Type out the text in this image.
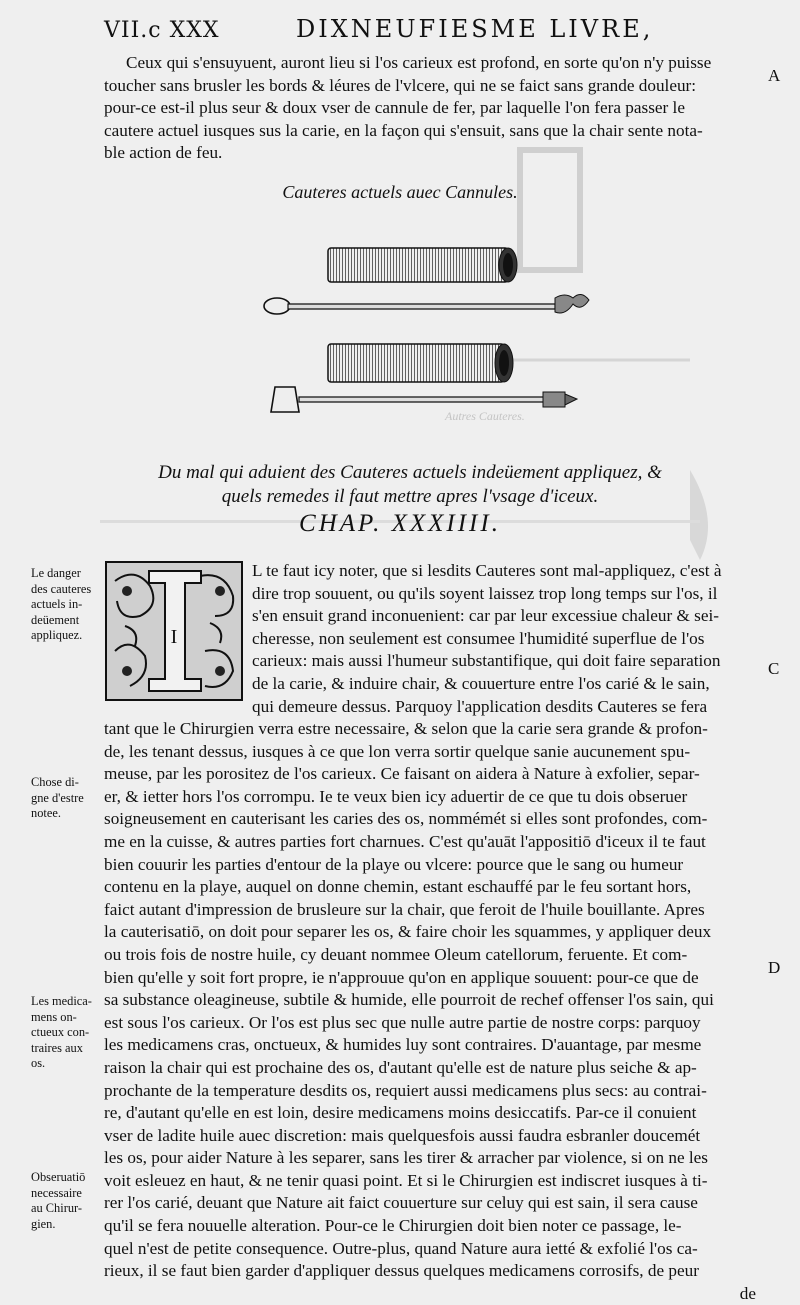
VII.c XXX	DIXNEUFIESME LIVRE,
A
C
D
Ceux qui s'ensuyuent, auront lieu si l'os carieux est profond, en sorte qu'on n'y puisse
toucher sans brusler les bords & léures de l'vlcere, qui ne se faict sans grande douleur:
pour-ce est-il plus seur & doux vser de cannule de fer, par laquelle l'on fera passer le
cautere actuel iusques sus la carie, en la façon qui s'ensuit, sans que la chair sente nota-
ble action de feu.
Cauteres actuels auec Cannules.
Autres Cauteres.
Du mal qui aduient des Cauteres actuels indeüement appliquez, &
quels remedes il faut mettre apres l'vsage d'iceux.
CHAP. XXXIIII.
I
L te faut icy noter, que si lesdits Cauteres sont mal-appliquez, c'est à
dire trop souuent, ou qu'ils soyent laissez trop long temps sur l'os, il
s'en ensuit grand inconuenient: car par leur excessiue chaleur & sei-
cheresse, non seulement est consumee l'humidité superflue de l'os
carieux: mais aussi l'humeur substantifique, qui doit faire separation
de la carie, & induire chair, & couuerture entre l'os carié & le sain,
qui demeure dessus. Parquoy l'application desdits Cauteres se fera
tant que le Chirurgien verra estre necessaire, & selon que la carie sera grande & profon-
de, les tenant dessus, iusques à ce que lon verra sortir quelque sanie aucunement spu-
meuse, par les porositez de l'os carieux. Ce faisant on aidera à Nature à exfolier, separ-
er, & ietter hors l'os corrompu. Ie te veux bien icy aduertir de ce que tu dois obseruer
soigneusement en cauterisant les caries des os, nommémét si elles sont profondes, com-
me en la cuisse, & autres parties fort charnues. C'est qu'auāt l'appositiō d'iceux il te faut
bien couurir les parties d'entour de la playe ou vlcere: pource que le sang ou humeur
contenu en la playe, auquel on donne chemin, estant eschauffé par le feu sortant hors,
faict autant d'impression de brusleure sur la chair, que feroit de l'huile bouillante. Apres
la cauterisatiō, on doit pour separer les os, & faire choir les squammes, y appliquer deux
ou trois fois de nostre huile, cy deuant nommee Oleum catellorum, feruente. Et com-
bien qu'elle y soit fort propre, ie n'approuue qu'on en applique souuent: pour-ce que de
sa substance oleagineuse, subtile & humide, elle pourroit de rechef offenser l'os sain, qui
est sous l'os carieux. Or l'os est plus sec que nulle autre partie de nostre corps: parquoy
les medicamens cras, onctueux, & humides luy sont contraires. D'auantage, par mesme
raison la chair qui est prochaine des os, d'autant qu'elle est de nature plus seiche & ap-
prochante de la temperature desdits os, requiert aussi medicamens plus secs: au contrai-
re, d'autant qu'elle en est loin, desire medicamens moins desiccatifs. Par-ce il conuient
vser de ladite huile auec discretion: mais quelquesfois aussi faudra esbranler doucemét
les os, pour aider Nature à les separer, sans les tirer & arracher par violence, si on ne les
voit esleuez en haut, & ne tenir quasi point. Et si le Chirurgien est indiscret iusques à ti-
rer l'os carié, deuant que Nature ait faict couuerture sur celuy qui est sain, il sera cause
qu'il se fera nouuelle alteration. Pour-ce le Chirurgien doit bien noter ce passage, le-
quel n'est de petite consequence. Outre-plus, quand Nature aura ietté & exfolié l'os ca-
rieux, il se faut bien garder d'appliquer dessus quelques medicamens corrosifs, de peur
de
Le danger
des cauteres
actuels in-
deüement
appliquez.
Chose di-
gne d'estre
notee.
Les medica-
mens on-
ctueux con-
traires aux
os.
Obseruatiō
necessaire
au Chirur-
gien.
